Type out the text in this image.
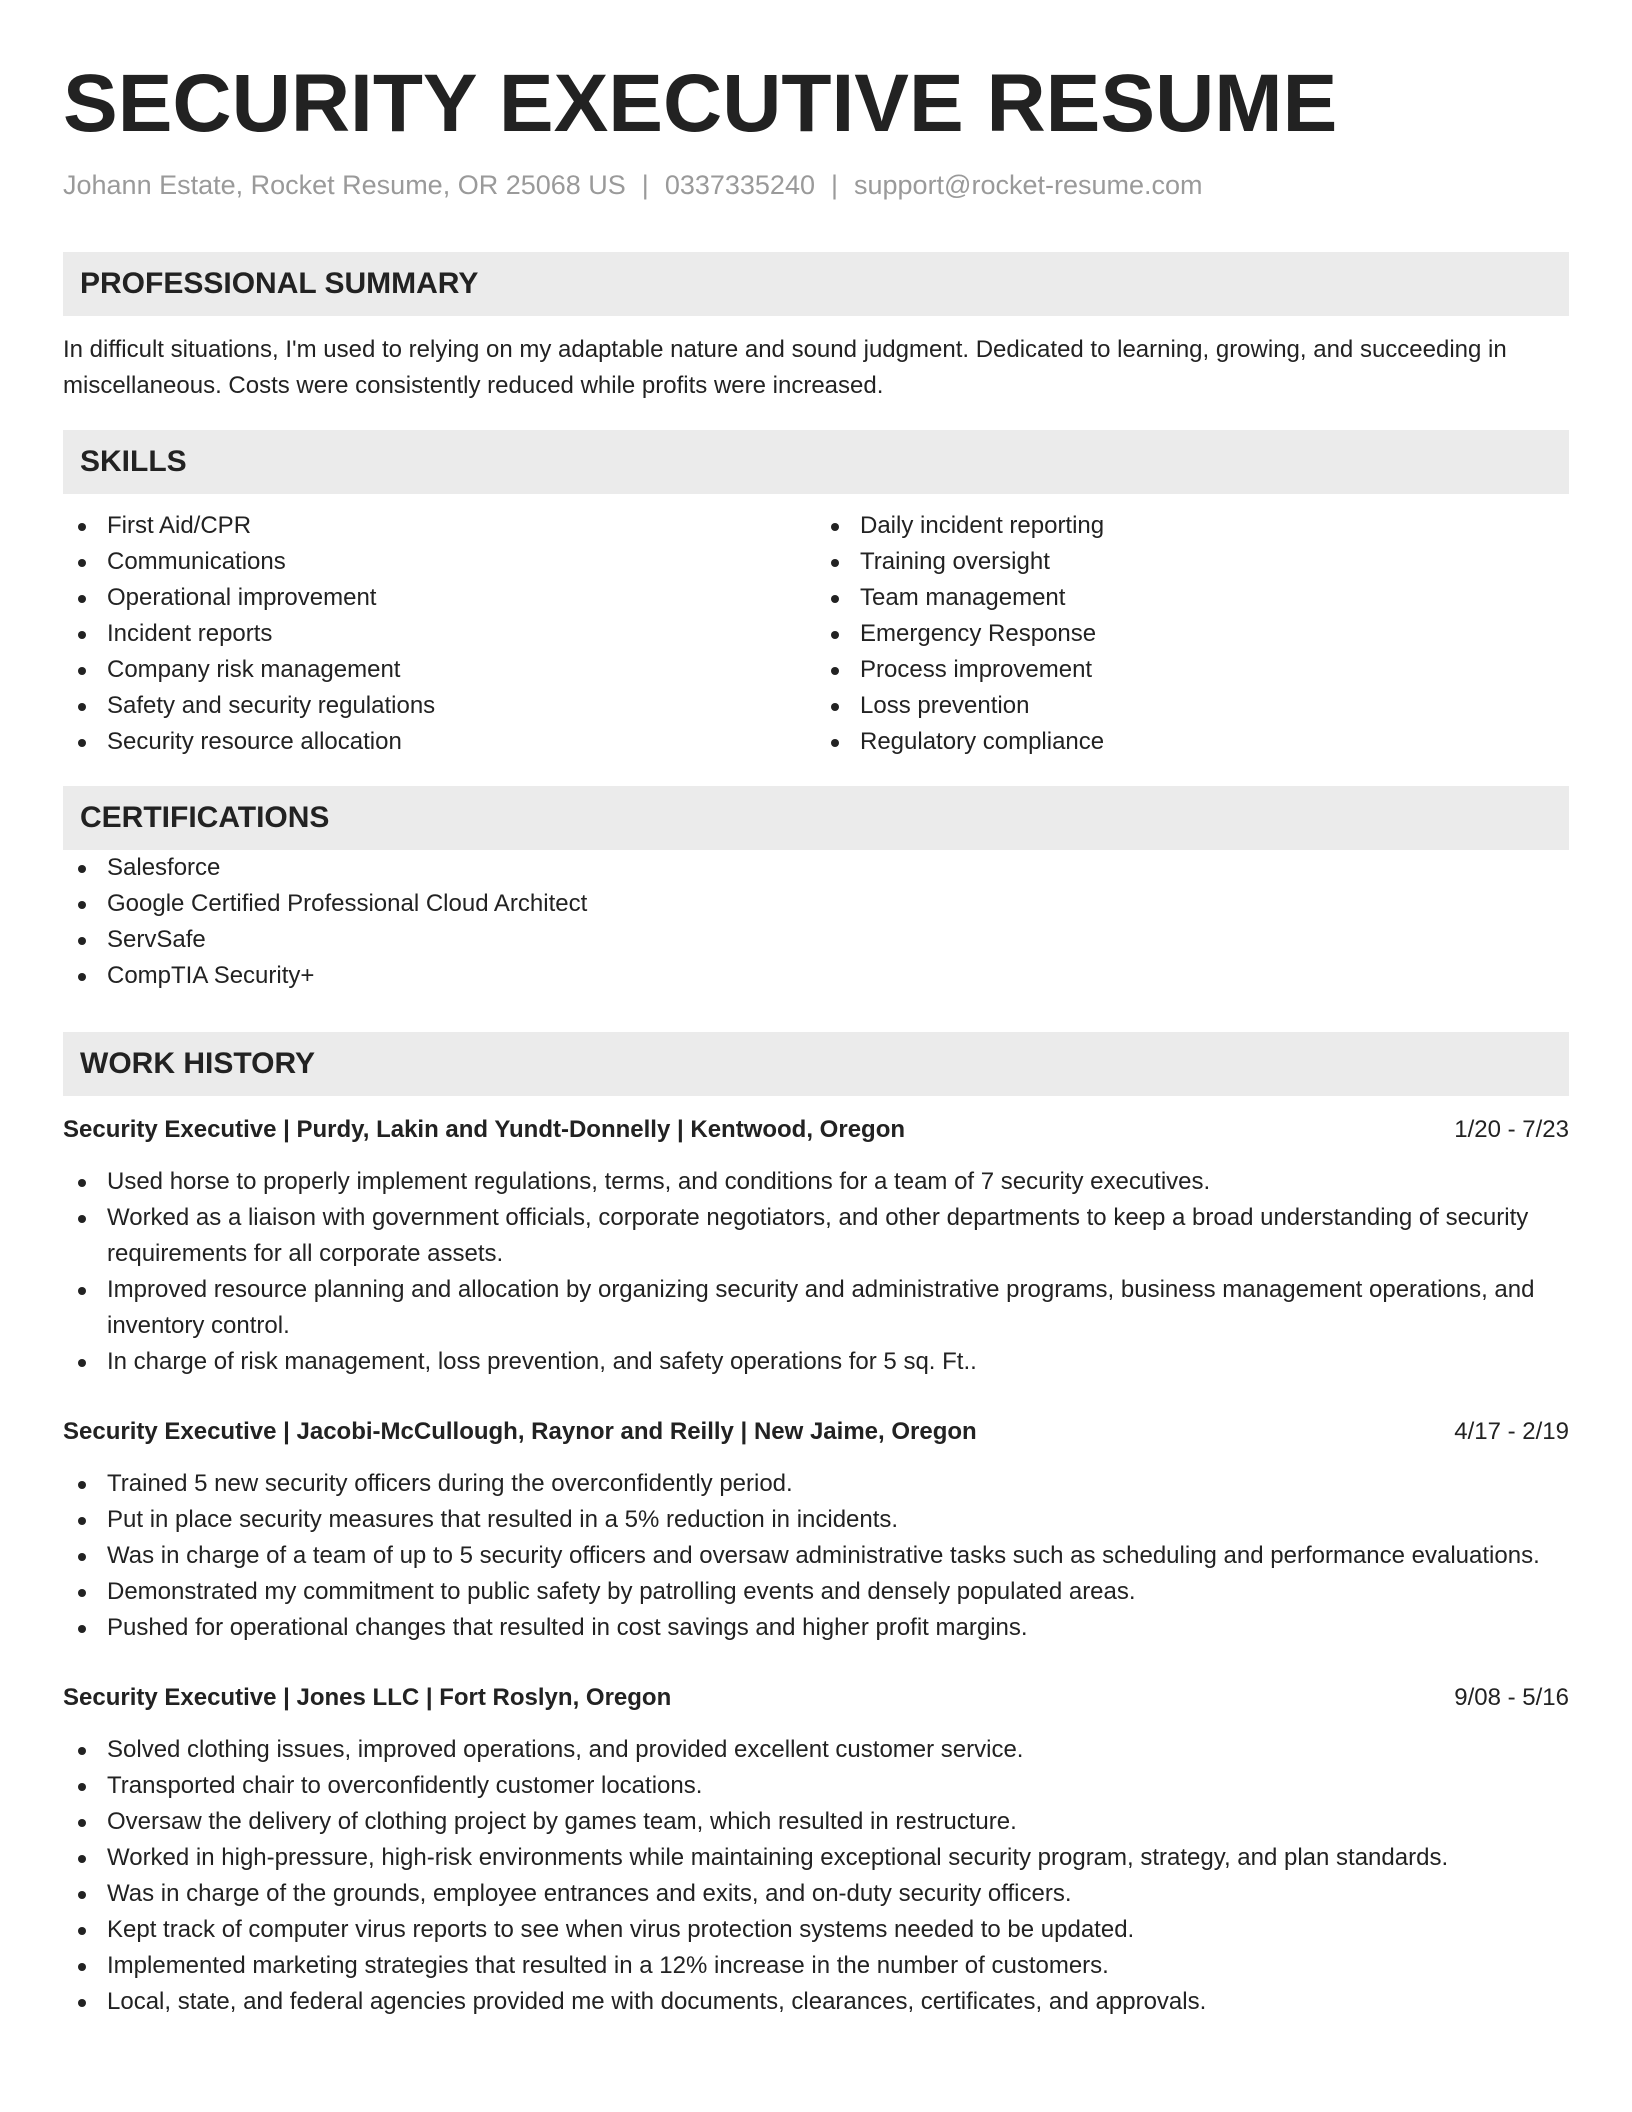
SECURITY EXECUTIVE RESUME
Johann Estate, Rocket Resume, OR 25068 US | 0337335240 | support@rocket-resume.com
PROFESSIONAL SUMMARY

In difficult situations, I'm used to relying on my adaptable nature and sound judgment. Dedicated to learning, growing, and succeeding in miscellaneous. Costs were consistently reduced while profits were increased.

SKILLS
First Aid/CPR
Communications
Operational improvement
Incident reports
Company risk management
Safety and security regulations
Security resource allocation
Daily incident reporting
Training oversight
Team management
Emergency Response
Process improvement
Loss prevention
Regulatory compliance
CERTIFICATIONS
Salesforce
Google Certified Professional Cloud Architect
ServSafe
CompTIA Security+
WORK HISTORY
Security Executive | Purdy, Lakin and Yundt-Donnelly | Kentwood, Oregon	1/20 - 7/23
Used horse to properly implement regulations, terms, and conditions for a team of 7 security executives.
Worked as a liaison with government officials, corporate negotiators, and other departments to keep a broad understanding of security requirements for all corporate assets.
Improved resource planning and allocation by organizing security and administrative programs, business management operations, and inventory control.
In charge of risk management, loss prevention, and safety operations for 5 sq. Ft..
Security Executive | Jacobi-McCullough, Raynor and Reilly | New Jaime, Oregon	4/17 - 2/19
Trained 5 new security officers during the overconfidently period.
Put in place security measures that resulted in a 5% reduction in incidents.
Was in charge of a team of up to 5 security officers and oversaw administrative tasks such as scheduling and performance evaluations.
Demonstrated my commitment to public safety by patrolling events and densely populated areas.
Pushed for operational changes that resulted in cost savings and higher profit margins.
Security Executive | Jones LLC | Fort Roslyn, Oregon	9/08 - 5/16
Solved clothing issues, improved operations, and provided excellent customer service.
Transported chair to overconfidently customer locations.
Oversaw the delivery of clothing project by games team, which resulted in restructure.
Worked in high-pressure, high-risk environments while maintaining exceptional security program, strategy, and plan standards.
Was in charge of the grounds, employee entrances and exits, and on-duty security officers.
Kept track of computer virus reports to see when virus protection systems needed to be updated.
Implemented marketing strategies that resulted in a 12% increase in the number of customers.
Local, state, and federal agencies provided me with documents, clearances, certificates, and approvals.
